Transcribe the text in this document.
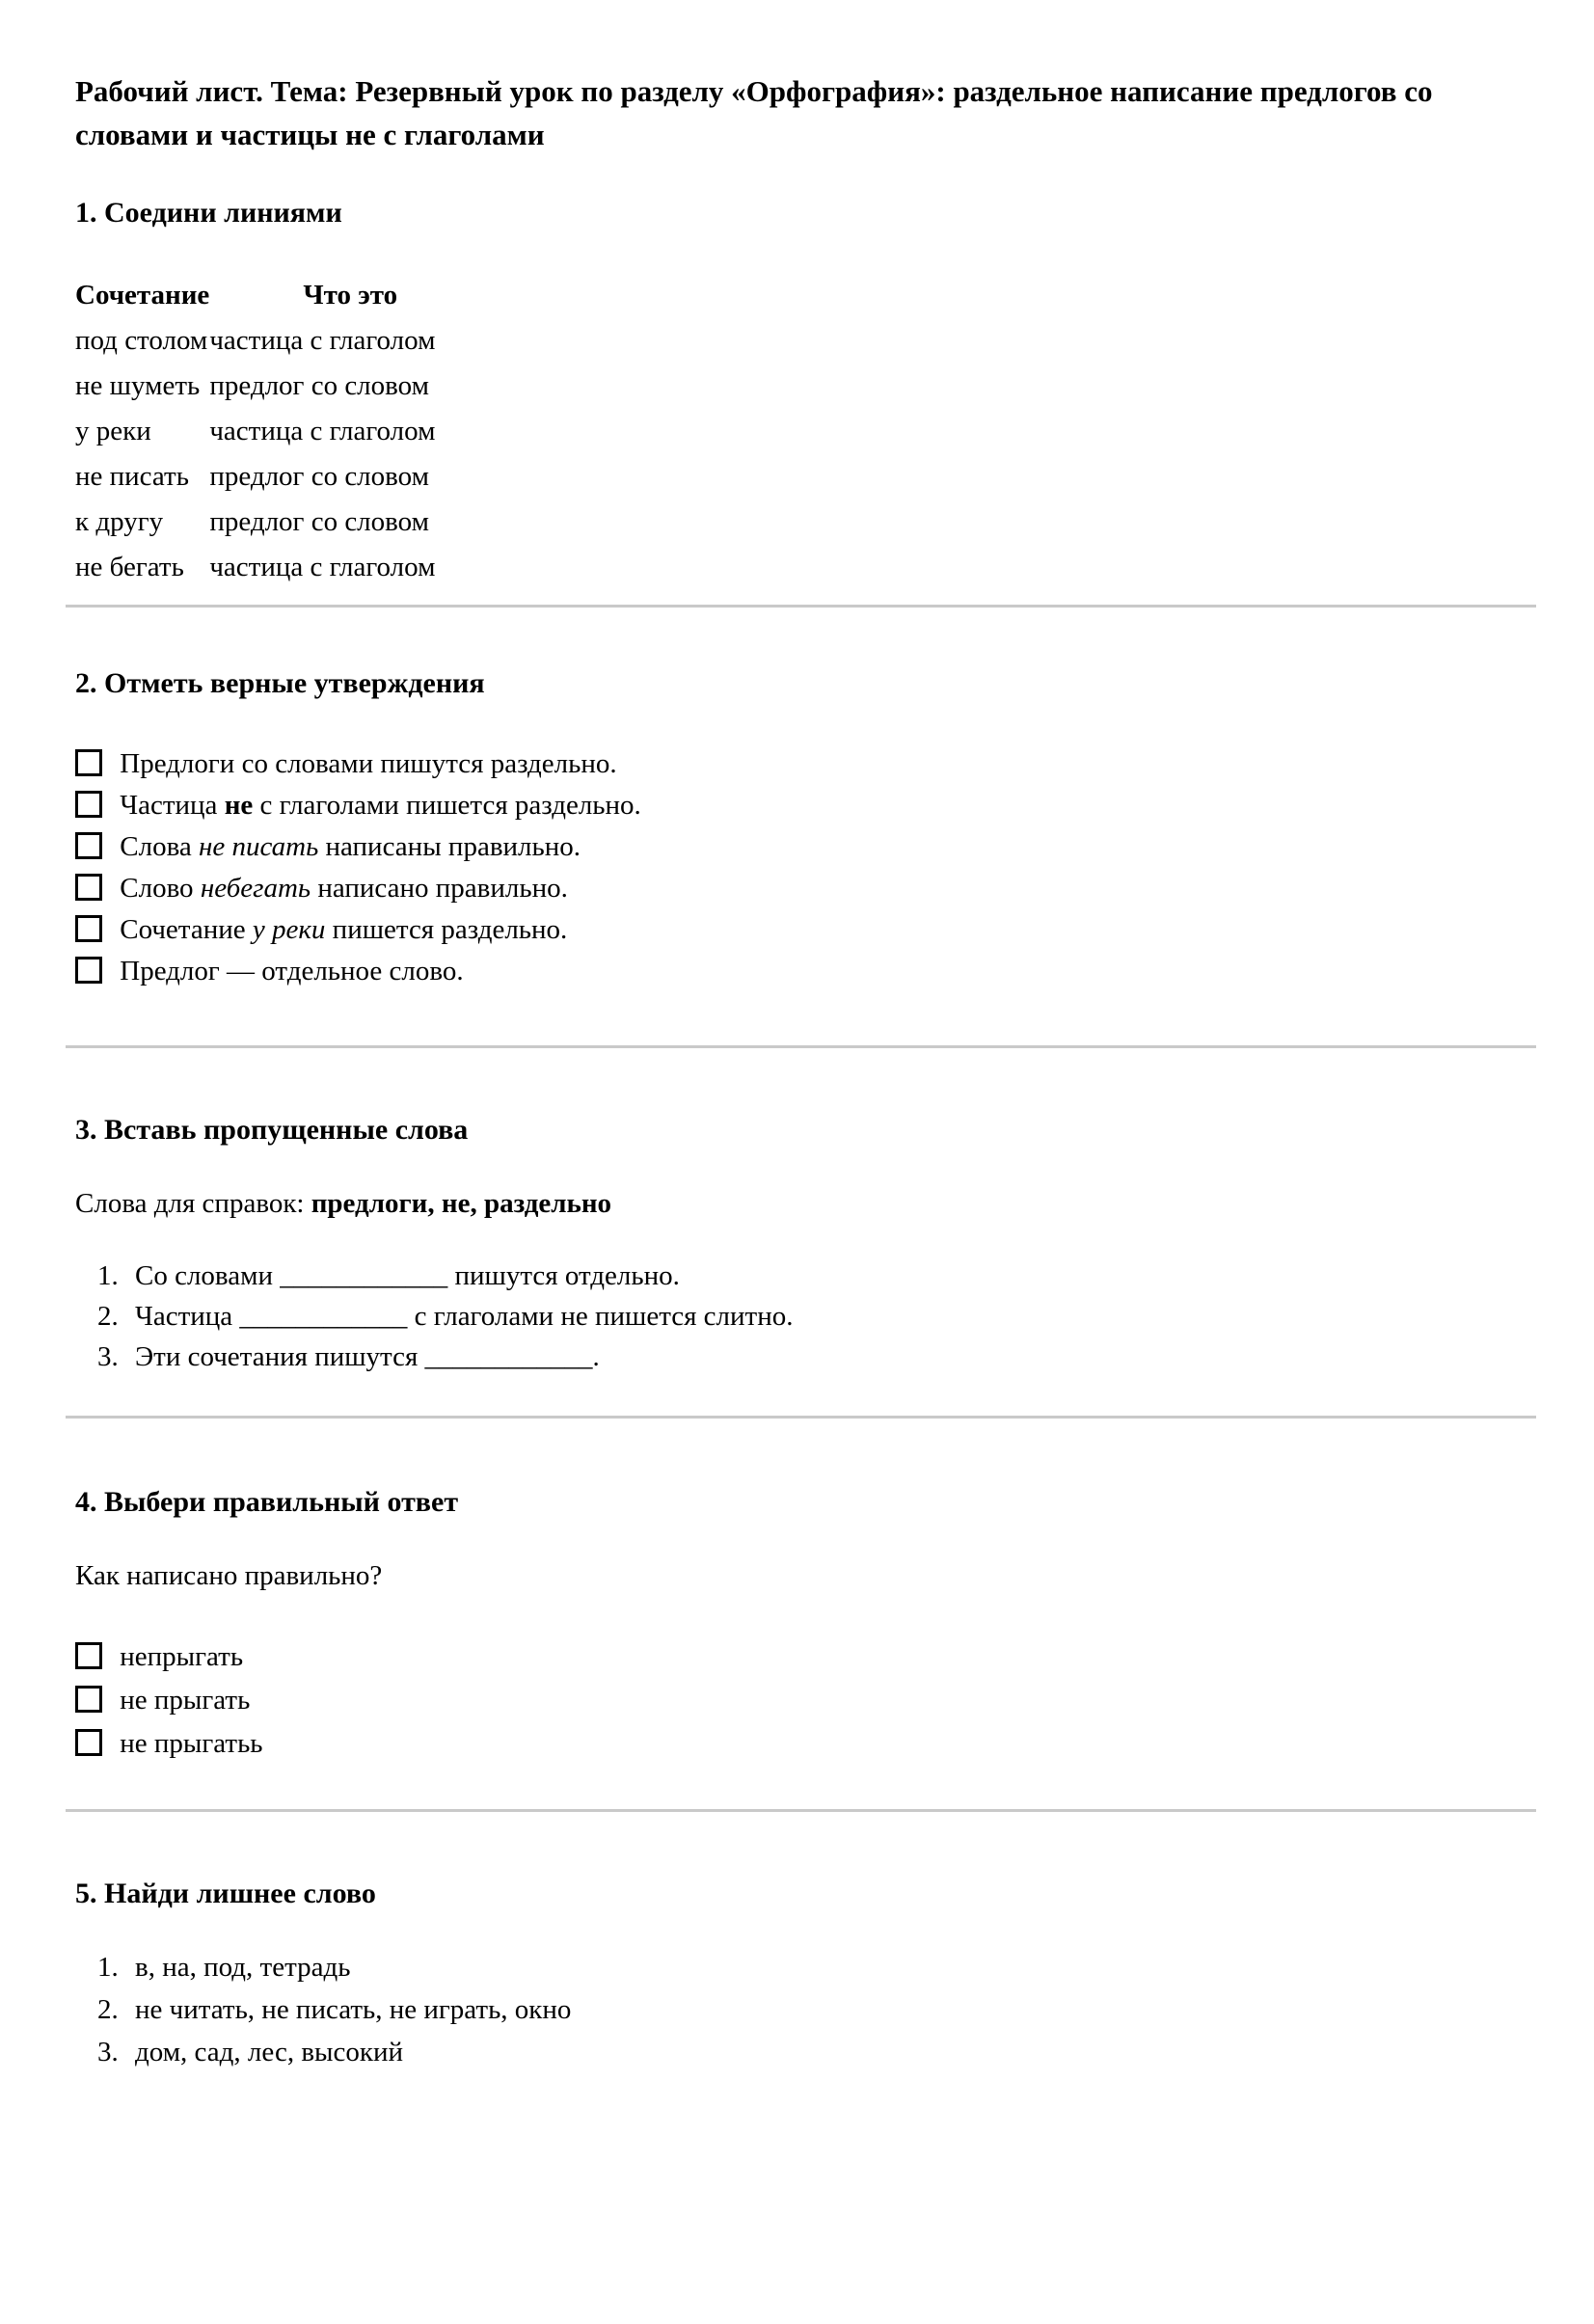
Рабочий лист. Тема: Резервный урок по разделу «Орфография»: раздельное написание предлогов со словами и частицы не с глаголами
1. Соедини линиями
Сочетание	Что это
под столом	частица с глаголом
не шуметь	предлог со словом
у реки	частица с глаголом
не писать	предлог со словом
к другу	предлог со словом
не бегать	частица с глаголом
2. Отметь верные утверждения
Предлоги со словами пишутся раздельно.
Частица не с глаголами пишется раздельно.
Слова не писать написаны правильно.
Слово небегать написано правильно.
Сочетание у реки пишется раздельно.
Предлог — отдельное слово.
3. Вставь пропущенные слова

Слова для справок: предлоги, не, раздельно

1. Со словами ____________ пишутся отдельно.
2. Частица ____________ с глаголами не пишется слитно.
3. Эти сочетания пишутся ____________.
4. Выбери правильный ответ

Как написано правильно?

непрыгать
не прыгать
не прыгатьь
5. Найди лишнее слово
1. в, на, под, тетрадь
2. не читать, не писать, не играть, окно
3. дом, сад, лес, высокий
